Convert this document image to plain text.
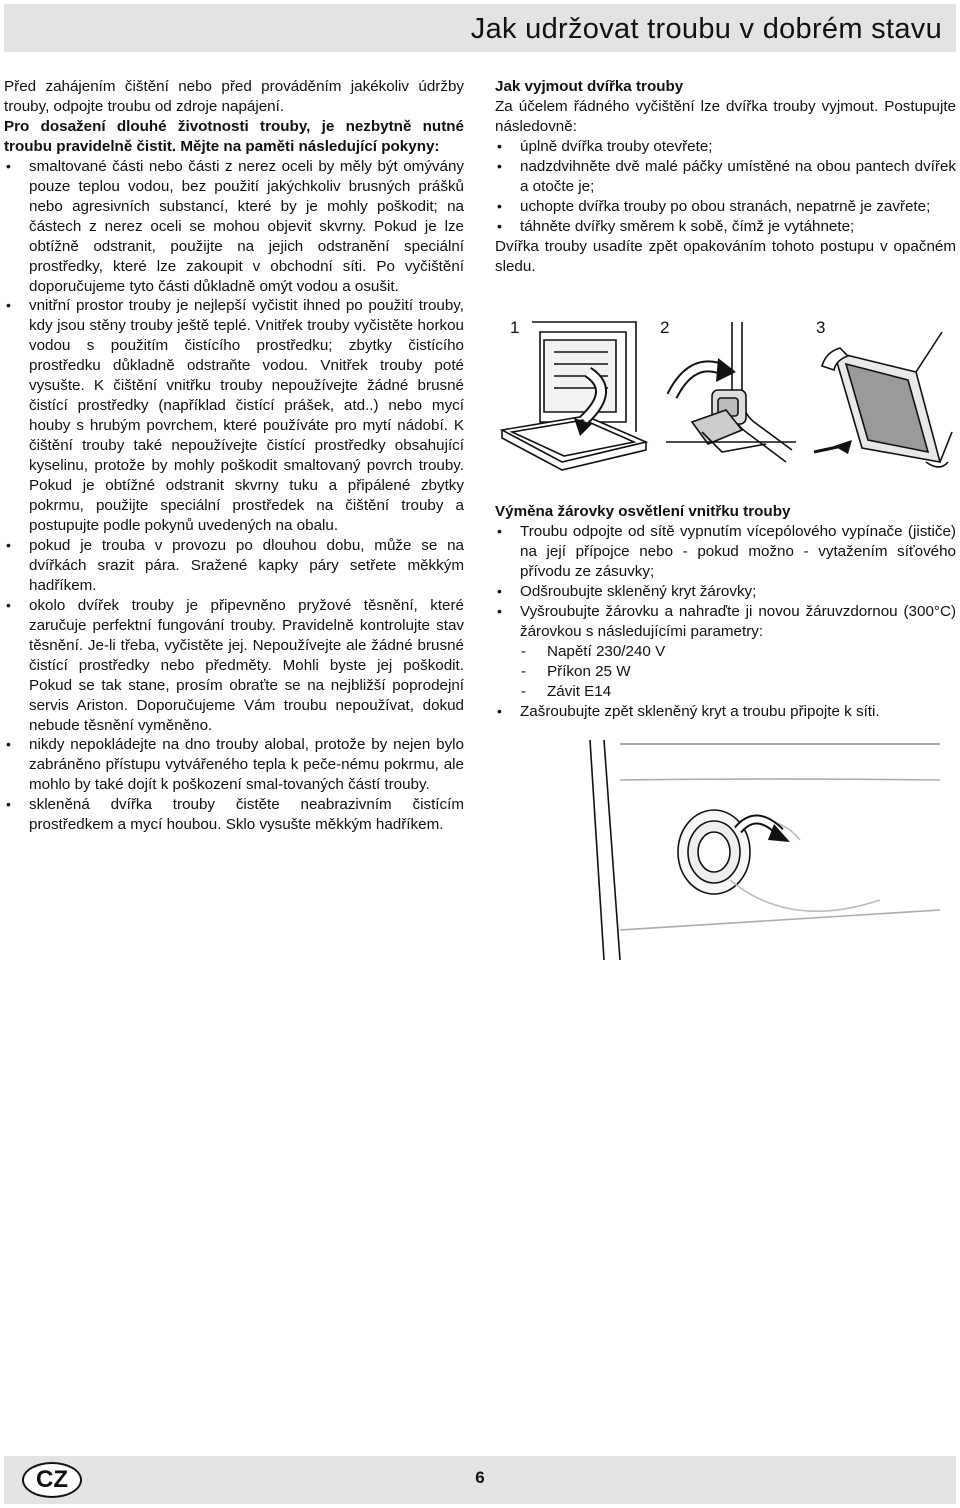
Jak udržovat troubu v dobrém stavu

Před zahájením čištění nebo před prováděním jakékoliv údržby trouby, odpojte troubu od zdroje napájení.

Pro dosažení dlouhé životnosti trouby, je nezbytně nutné troubu pravidelně čistit. Mějte na paměti následující pokyny:

• smaltované části nebo části z nerez oceli by měly být omývány pouze teplou vodou, bez použití jakýchkoliv brusných prášků nebo agresivních substancí, které by je mohly poškodit; na částech z nerez oceli se mohou objevit skvrny. Pokud je lze obtížně odstranit, použijte na jejich odstranění speciální prostředky, které lze zakoupit v obchodní síti. Po vyčištění doporučujeme tyto části důkladně omýt vodou a osušit.
• vnitřní prostor trouby je nejlepší vyčistit ihned po použití trouby, kdy jsou stěny trouby ještě teplé. Vnitřek trouby vyčistěte horkou vodou s použitím čistícího prostředku; zbytky čistícího prostředku důkladně odstraňte vodou. Vnitřek trouby poté vysušte. K čištění vnitřku trouby nepoužívejte žádné brusné čistící prostředky (například čistící prášek, atd..) nebo mycí houby s hrubým povrchem, které používáte pro mytí nádobí. K čištění trouby také nepoužívejte čistící prostředky obsahující kyselinu, protože by mohly poškodit smaltovaný povrch trouby. Pokud je obtížné odstranit skvrny tuku a připálené zbytky pokrmu, použijte speciální prostředek na čištění trouby a postupujte podle pokynů uvedených na obalu.
• pokud je trouba v provozu po dlouhou dobu, může se na dvířkách srazit pára. Sražené kapky páry setřete měkkým hadříkem.
• okolo dvířek trouby je připevněno pryžové těsnění, které zaručuje perfektní fungování trouby. Pravidelně kontrolujte stav těsnění. Je-li třeba, vyčistěte jej. Nepoužívejte ale žádné brusné čistící prostředky nebo předměty. Mohli byste jej poškodit. Pokud se tak stane, prosím obraťte se na nejbližší poprodejní servis Ariston. Doporučujeme Vám troubu nepoužívat, dokud nebude těsnění vyměněno.
• nikdy nepokládejte na dno trouby alobal, protože by nejen bylo zabráněno přístupu vytvářeného tepla k peče-nému pokrmu, ale mohlo by také dojít k poškození smal-tovaných částí trouby.
• skleněná dvířka trouby čistěte neabrazivním čistícím prostředkem a mycí houbou. Sklo vysušte měkkým hadříkem.

Jak vyjmout dvířka trouby

Za účelem řádného vyčištění lze dvířka trouby vyjmout. Postupujte následovně:

• úplně dvířka trouby otevřete;
• nadzdvihněte dvě malé páčky umístěné na obou pantech dvířek a otočte je;
• uchopte dvířka trouby po obou stranách, nepatrně je zavřete;
• táhněte dvířky směrem k sobě, čímž je vytáhnete;

Dvířka trouby usadíte zpět opakováním tohoto postupu v opačném sledu.

1	2	3

Výměna žárovky osvětlení vnitřku trouby

• Troubu odpojte od sítě vypnutím vícepólového vypínače (jističe) na její přípojce nebo - pokud možno - vytažením síťového přívodu ze zásuvky;
• Odšroubujte skleněný kryt žárovky;
• Vyšroubujte žárovku a nahraďte ji novou žáruvzdornou (300°C) žárovkou s následujícími parametry:
- Napětí 230/240 V
- Příkon 25 W
- Závit E14
• Zašroubujte zpět skleněný kryt a troubu připojte k síti.
CZ	6
